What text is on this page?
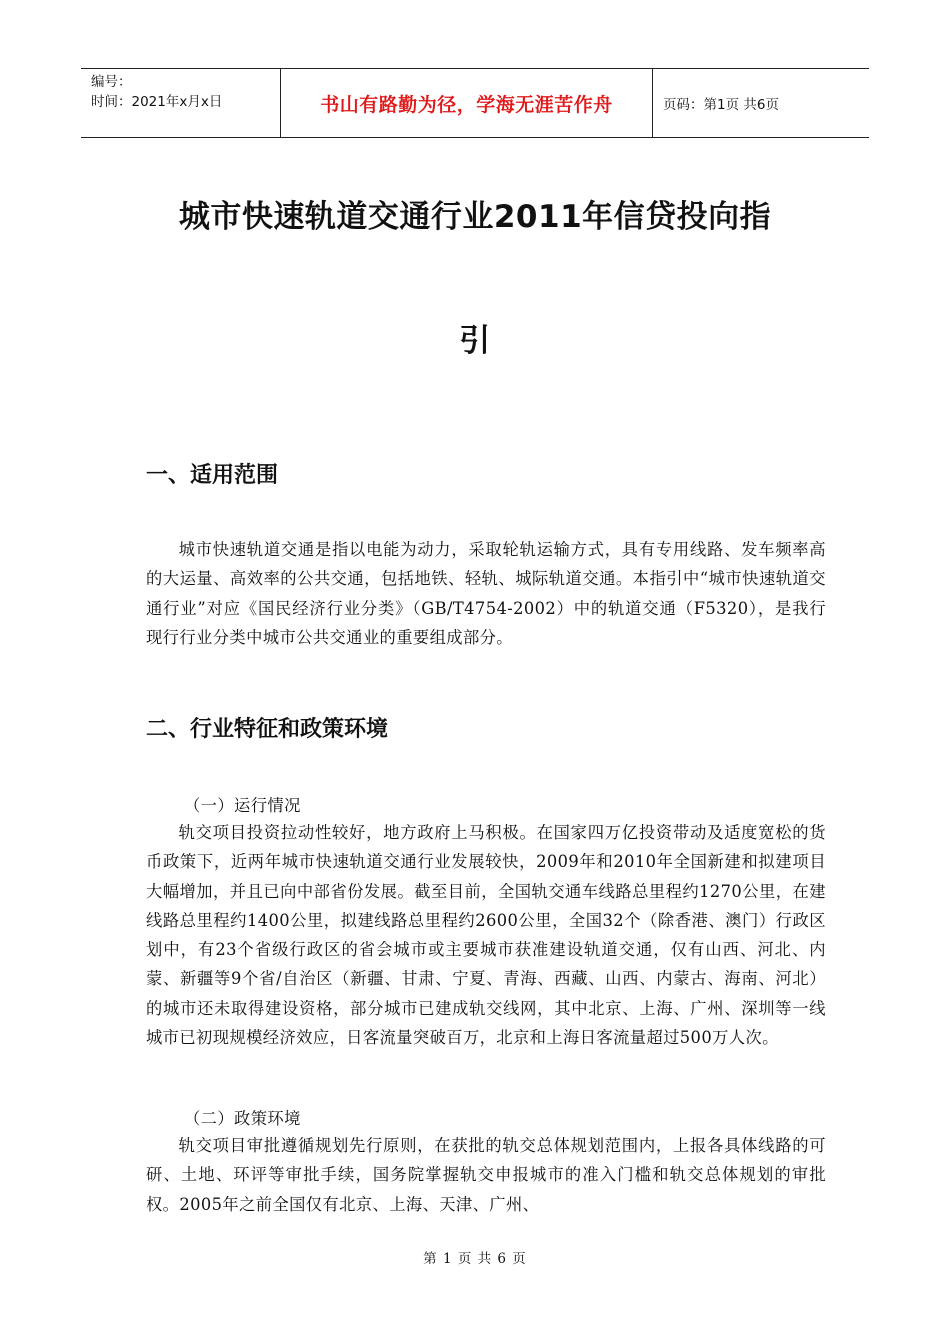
编号：
时间：2021年x月x日	书山有路勤为径，学海无涯苦作舟	页码：第1页 共6页
城市快速轨道交通行业2011年信贷投向指
引
一、适用范围

城市快速轨道交通是指以电能为动力，采取轮轨运输方式，具有专用线路、发车频率高的大运量、高效率的公共交通，包括地铁、轻轨、城际轨道交通。本指引中“城市快速轨道交通行业”对应《国民经济行业分类》（GB/T4754-2002）中的轨道交通（F5320），是我行现行行业分类中城市公共交通业的重要组成部分。

二、行业特征和政策环境
（一）运行情况

轨交项目投资拉动性较好，地方政府上马积极。在国家四万亿投资带动及适度宽松的货币政策下，近两年城市快速轨道交通行业发展较快，2009年和2010年全国新建和拟建项目大幅增加，并且已向中部省份发展。截至目前，全国轨交通车线路总里程约1270公里，在建线路总里程约1400公里，拟建线路总里程约2600公里，全国32个（除香港、澳门）行政区划中，有23个省级行政区的省会城市或主要城市获准建设轨道交通，仅有山西、河北、内蒙、新疆等9个省/自治区（新疆、甘肃、宁夏、青海、西藏、山西、内蒙古、海南、河北）的城市还未取得建设资格，部分城市已建成轨交线网，其中北京、上海、广州、深圳等一线城市已初现规模经济效应，日客流量突破百万，北京和上海日客流量超过500万人次。

（二）政策环境

轨交项目审批遵循规划先行原则，在获批的轨交总体规划范围内，上报各具体线路的可研、土地、环评等审批手续，国务院掌握轨交申报城市的准入门槛和轨交总体规划的审批权。2005年之前全国仅有北京、上海、天津、广州、

第 1 页 共 6 页
